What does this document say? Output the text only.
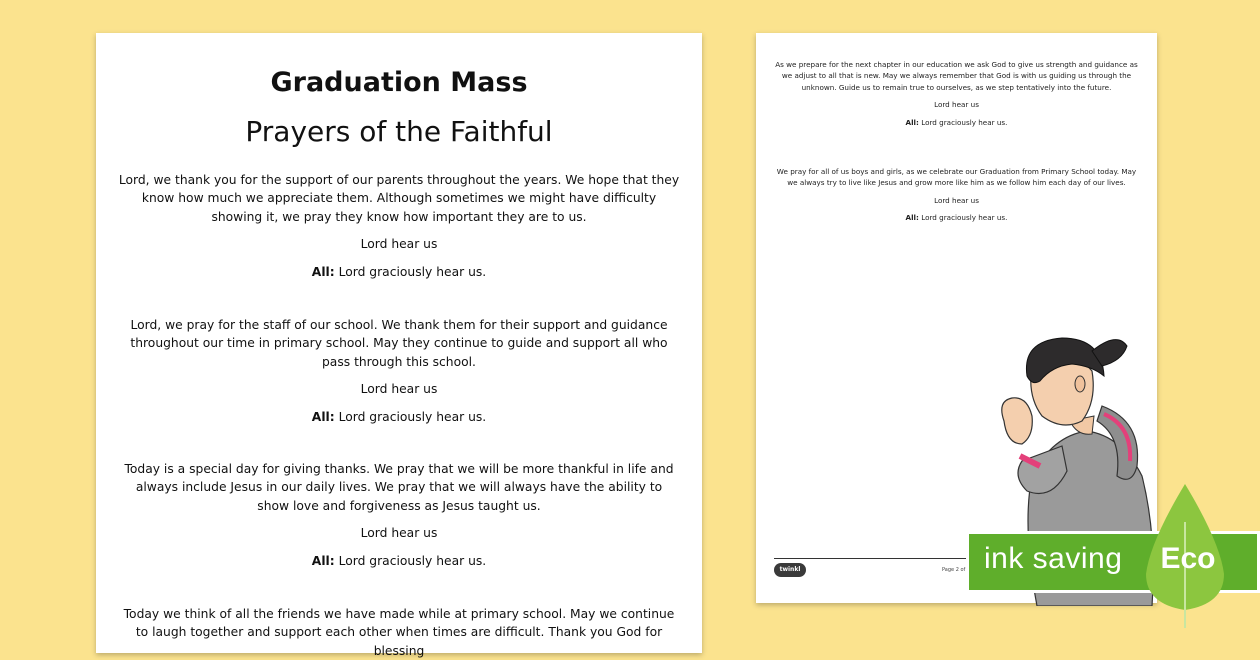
Graduation Mass
Prayers of the Faithful

Lord, we thank you for the support of our parents throughout the years. We hope that they know how much we appreciate them. Although sometimes we might have difficulty showing it, we pray they know how important they are to us.

Lord hear us

All: Lord graciously hear us.

Lord, we pray for the staff of our school. We thank them for their support and guidance throughout our time in primary school. May they continue to guide and support all who pass through this school.

Lord hear us

All: Lord graciously hear us.

Today is a special day for giving thanks. We pray that we will be more thankful in life and always include Jesus in our daily lives. We pray that we will always have the ability to show love and forgiveness as Jesus taught us.

Lord hear us

All: Lord graciously hear us.

Today we think of all the friends we have made while at primary school. May we continue to laugh together and support each other when times are difficult. Thank you God for blessing

As we prepare for the next chapter in our education we ask God to give us strength and guidance as we adjust to all that is new. May we always remember that God is with us guiding us through the unknown. Guide us to remain true to ourselves, as we step tentatively into the future.

Lord hear us

All: Lord graciously hear us.

We pray for all of us boys and girls, as we celebrate our Graduation from Primary School today. May we always try to live like Jesus and grow more like him as we follow him each day of our lives.

Lord hear us

All: Lord graciously hear us.

twinkl	Page 2 of ink saving Eco
